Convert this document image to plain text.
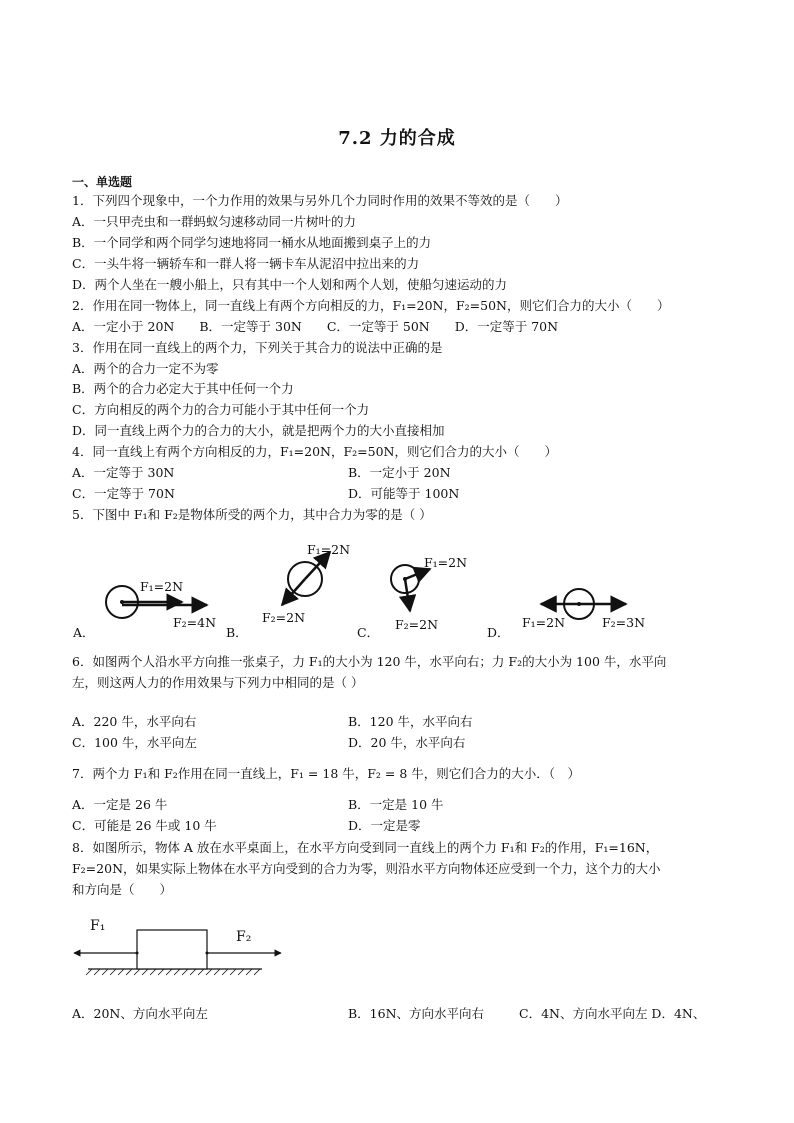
7.2 力的合成
一、单选题
1．下列四个现象中，一个力作用的效果与另外几个力同时作用的效果不等效的是（　　）
A．一只甲壳虫和一群蚂蚁匀速移动同一片树叶的力
B．一个同学和两个同学匀速地将同一桶水从地面搬到桌子上的力
C．一头牛将一辆轿车和一群人将一辆卡车从泥沼中拉出来的力
D．两个人坐在一艘小船上，只有其中一个人划和两个人划，使船匀速运动的力
2．作用在同一物体上，同一直线上有两个方向相反的力，F₁=20N，F₂=50N，则它们合力的大小（　　）
A．一定小于 20N　　B．一定等于 30N　　C．一定等于 50N　　D．一定等于 70N
3．作用在同一直线上的两个力，下列关于其合力的说法中正确的是
A．两个的合力一定不为零
B．两个的合力必定大于其中任何一个力
C．方向相反的两个力的合力可能小于其中任何一个力
D．同一直线上两个力的合力的大小，就是把两个力的大小直接相加
4．同一直线上有两个方向相反的力，F₁=20N，F₂=50N，则它们合力的大小（　　）
A．一定等于 30N	B．一定小于 20N
C．一定等于 70N	D．可能等于 100N
5．下图中 F₁和 F₂是物体所受的两个力，其中合力为零的是（ ）
A．
F₁=2N
F₂=4N
B．
F₁=2N
F₂=2N
C．
F₁=2N
F₂=2N
D．
F₁=2N	F₂=3N
6．如图两个人沿水平方向推一张桌子，力 F₁的大小为 120 牛，水平向右；力 F₂的大小为 100 牛，水平向
左，则这两人力的作用效果与下列力中相同的是（ ）
A．220 牛，水平向右	B．120 牛，水平向右
C．100 牛，水平向左	D．20 牛，水平向右
7．两个力 F₁和 F₂作用在同一直线上，F₁ = 18 牛，F₂ = 8 牛，则它们合力的大小．（　）
A．一定是 26 牛	B．一定是 10 牛
C．可能是 26 牛或 10 牛	D．一定是零
8．如图所示，物体 A 放在水平桌面上，在水平方向受到同一直线上的两个力 F₁和 F₂的作用，F₁=16N，
F₂=20N，如果实际上物体在水平方向受到的合力为零，则沿水平方向物体还应受到一个力，这个力的大小
和方向是（　　）
F₁
F₂
A．20N、方向水平向左	B．16N、方向水平向右	C．4N、方向水平向左 D．4N、
